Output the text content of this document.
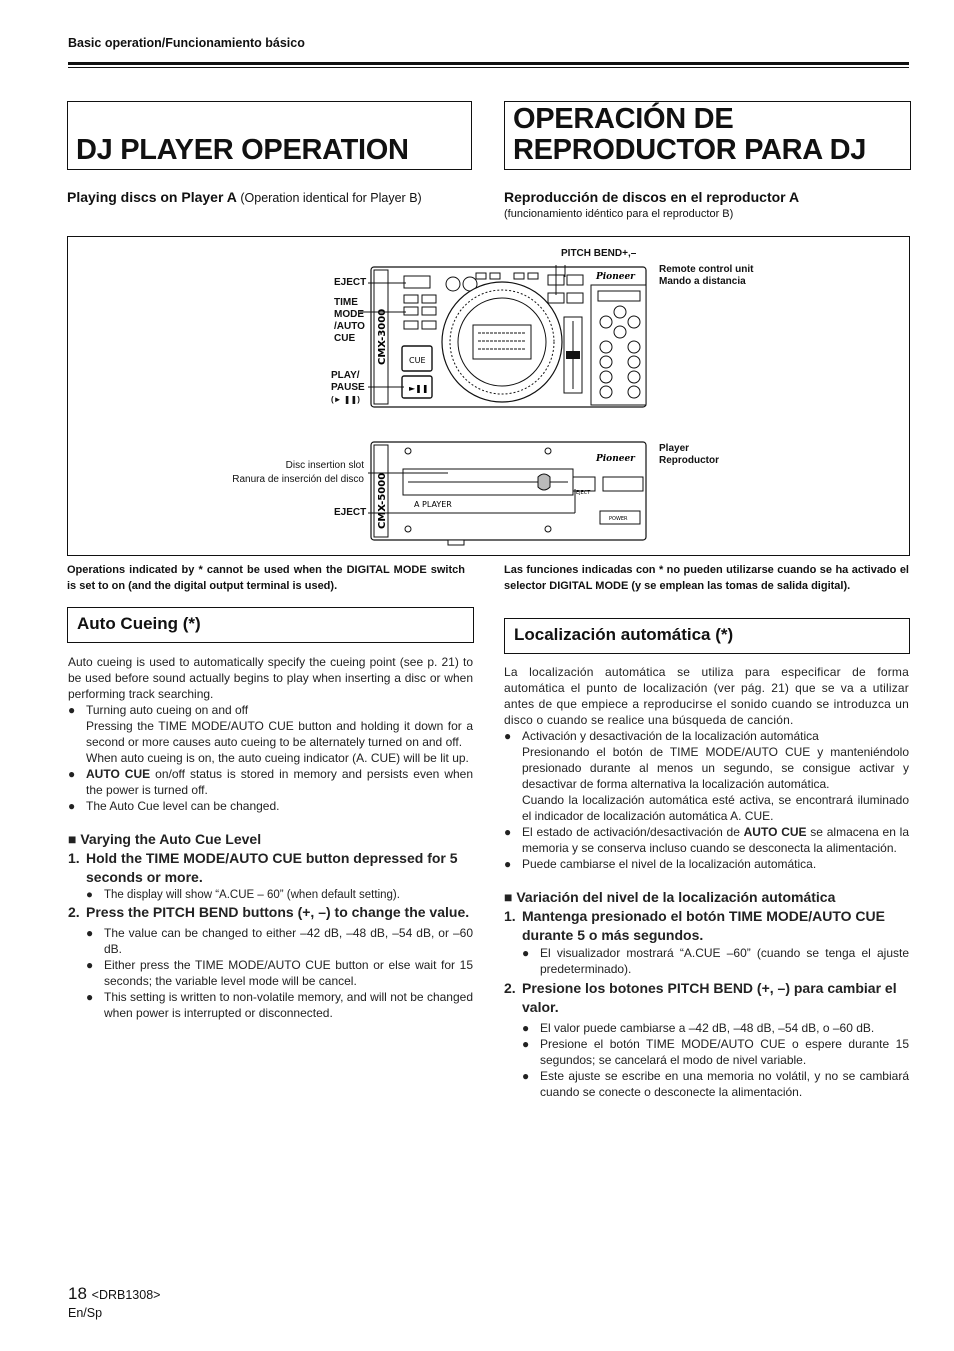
Basic operation/Funcionamiento básico
DJ PLAYER OPERATION
OPERACIÓN DE
REPRODUCTOR PARA DJ
Playing discs on Player A (Operation identical for Player B)	Reproducción de discos en el reproductor A
(funcionamiento idéntico para el reproductor B)
CMX-3000	CUE
►❚❚
Pioneer
CMX-5000	EJECT
POWER
A PLAYER
Pioneer
PITCH BEND+,–
EJECT
TIME
MODE
/AUTO
CUE
PLAY/
PAUSE
(► ❚❚)
Remote control unit
Mando a distancia
Player
Reproductor
Disc insertion slot
Ranura de inserción del disco
EJECT
Operations indicated by * cannot be used when the DIGITAL MODE switch is set to on (and the digital output terminal is used).
Las funciones indicadas con * no pueden utilizarse cuando se ha activado el selector DIGITAL MODE (y se emplean las tomas de salida digital).
Auto Cueing (*)

Auto cueing is used to automatically specify the cueing point (see p. 21) to be used before sound actually begins to play when inserting a disc or when performing track searching.

● Turning auto cueing on and off

Pressing the TIME MODE/AUTO CUE button and holding it down for a second or more causes auto cueing to be alternately turned on and off.

When auto cueing is on, the auto cueing indicator (A. CUE) will be lit up.

● AUTO CUE on/off status is stored in memory and persists even when the power is turned off.

● The Auto Cue level can be changed.

■ Varying the Auto Cue Level
1. Hold the TIME MODE/AUTO CUE button depressed for 5 seconds or more.
● The display will show “A.CUE – 60” (when default setting).
2. Press the PITCH BEND buttons (+, –) to change the value.
● The value can be changed to either –42 dB, –48 dB, –54 dB, or –60 dB.

● Either press the TIME MODE/AUTO CUE button or else wait for 15 seconds; the variable level mode will be cancel.

● This setting is written to non-volatile memory, and will not be changed when power is interrupted or disconnected.

Localización automática (*)

La localización automática se utiliza para especificar de forma automática el punto de localización (ver pág. 21) que se va a utilizar antes de que empiece a reproducirse el sonido cuando se introduzca un disco o cuando se realice una búsqueda de canción.

● Activación y desactivación de la localización automática

Presionando el botón de TIME MODE/AUTO CUE y manteniéndolo presionado durante al menos un segundo, se consigue activar y desactivar de forma alternativa la localización automática.

Cuando la localización automática esté activa, se encontrará iluminado el indicador de localización automática A. CUE.

● El estado de activación/desactivación de AUTO CUE se almacena en la memoria y se conserva incluso cuando se desconecta la alimentación.

● Puede cambiarse el nivel de la localización automática.

■ Variación del nivel de la localización automática
1. Mantenga presionado el botón TIME MODE/AUTO CUE durante 5 o más segundos.
● El visualizador mostrará “A.CUE –60” (cuando se tenga el ajuste predeterminado).

2. Presione los botones PITCH BEND (+, –) para cambiar el valor.
● El valor puede cambiarse a –42 dB, –48 dB, –54 dB, o –60 dB.

● Presione el botón TIME MODE/AUTO CUE o espere durante 15 segundos; se cancelará el modo de nivel variable.

● Este ajuste se escribe en una memoria no volátil, y no se cambiará cuando se conecte o desconecte la alimentación.

18 <DRB1308>
En/Sp
